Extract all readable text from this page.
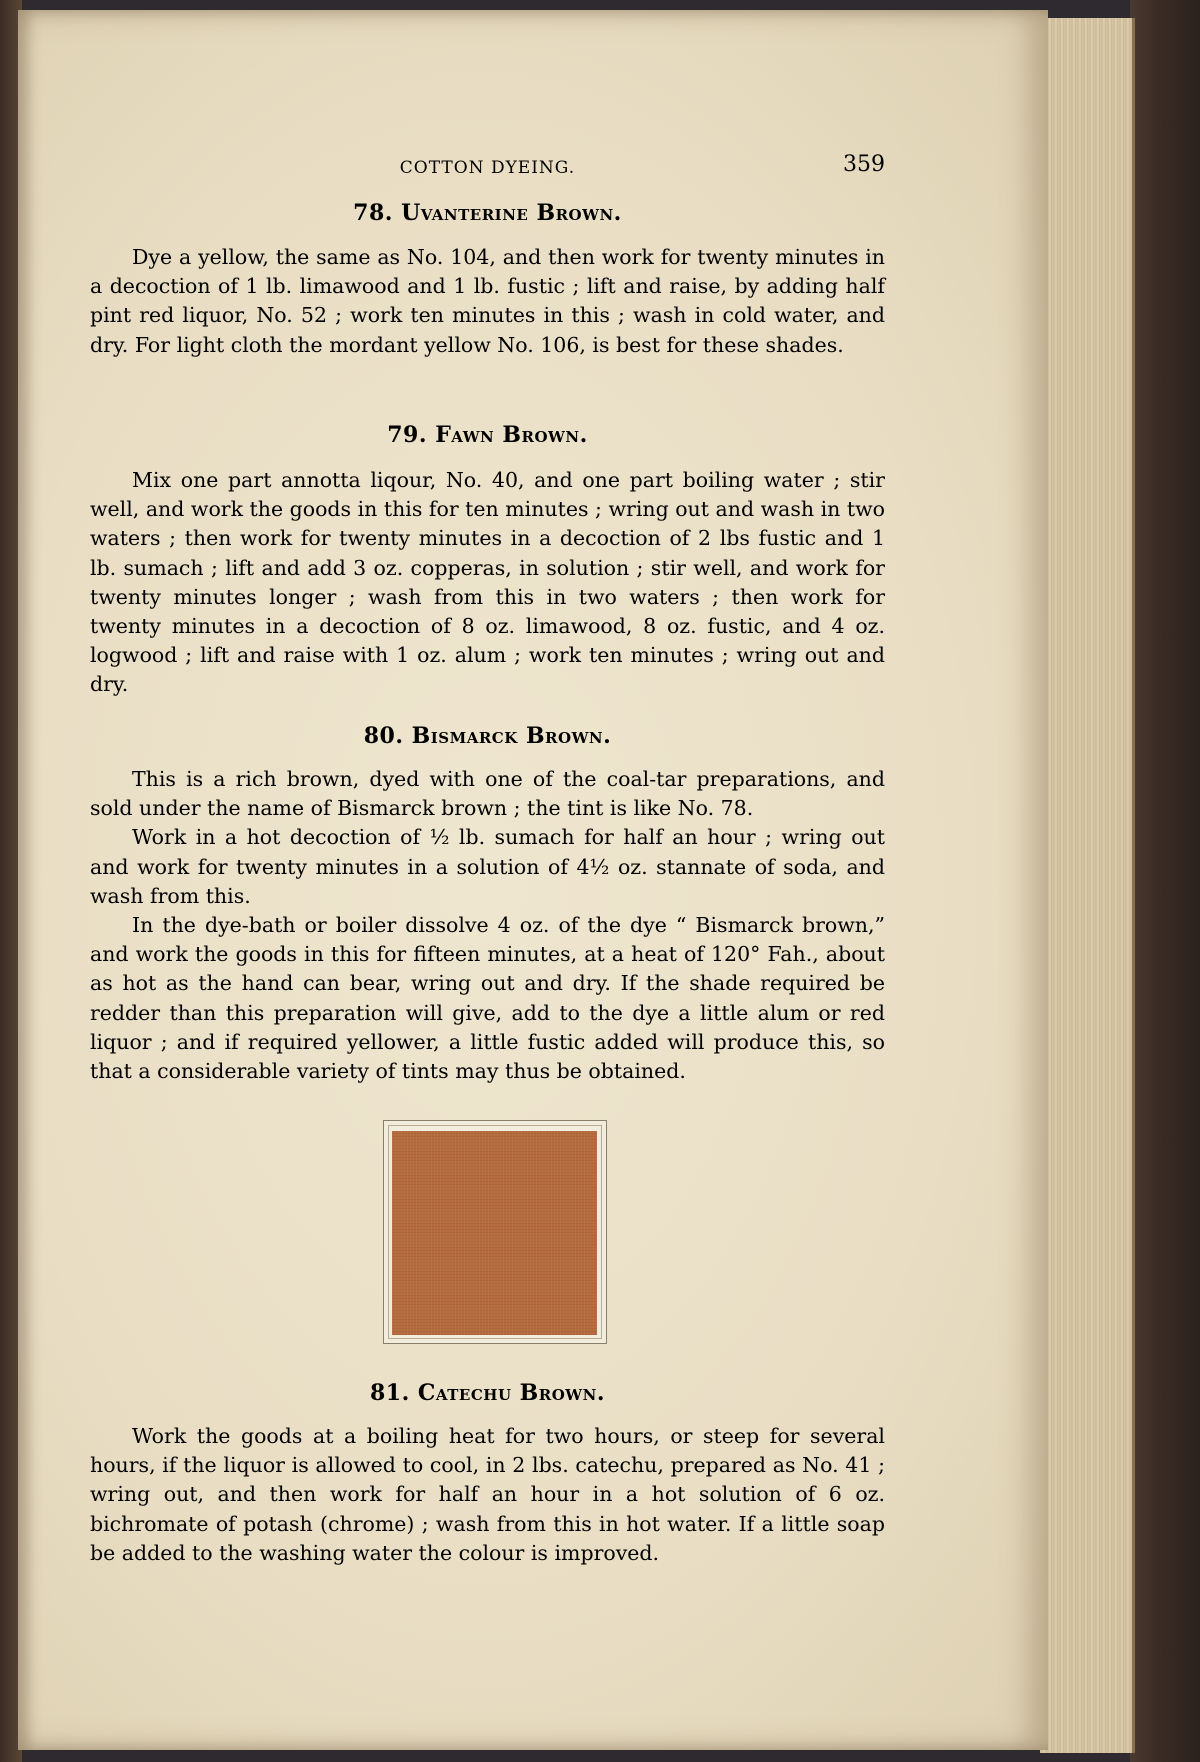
COTTON DYEING.	359
78. Uvanterine Brown.

Dye a yellow, the same as No. 104, and then work for twenty minutes in a decoction of 1 lb. limawood and 1 lb. fustic ; lift and raise, by adding half pint red liquor, No. 52 ; work ten minutes in this ; wash in cold water, and dry. For light cloth the mordant yellow No. 106, is best for these shades.

79. Fawn Brown.

Mix one part annotta liqour, No. 40, and one part boiling water ; stir well, and work the goods in this for ten minutes ; wring out and wash in two waters ; then work for twenty minutes in a decoction of 2 lbs fustic and 1 lb. sumach ; lift and add 3 oz. copperas, in solution ; stir well, and work for twenty minutes longer ; wash from this in two waters ; then work for twenty minutes in a decoction of 8 oz. limawood, 8 oz. fustic, and 4 oz. logwood ; lift and raise with 1 oz. alum ; work ten minutes ; wring out and dry.

80. Bismarck Brown.

This is a rich brown, dyed with one of the coal-tar preparations, and sold under the name of Bismarck brown ; the tint is like No. 78.

Work in a hot decoction of ½ lb. sumach for half an hour ; wring out and work for twenty minutes in a solution of 4½ oz. stannate of soda, and wash from this.

In the dye-bath or boiler dissolve 4 oz. of the dye “ Bismarck brown,” and work the goods in this for fifteen minutes, at a heat of 120° Fah., about as hot as the hand can bear, wring out and dry. If the shade required be redder than this preparation will give, add to the dye a little alum or red liquor ; and if required yellower, a little fustic added will produce this, so that a considerable variety of tints may thus be obtained.

81. Catechu Brown.

Work the goods at a boiling heat for two hours, or steep for several hours, if the liquor is allowed to cool, in 2 lbs. catechu, prepared as No. 41 ; wring out, and then work for half an hour in a hot solution of 6 oz. bichromate of potash (chrome) ; wash from this in hot water. If a little soap be added to the washing water the colour is improved.
